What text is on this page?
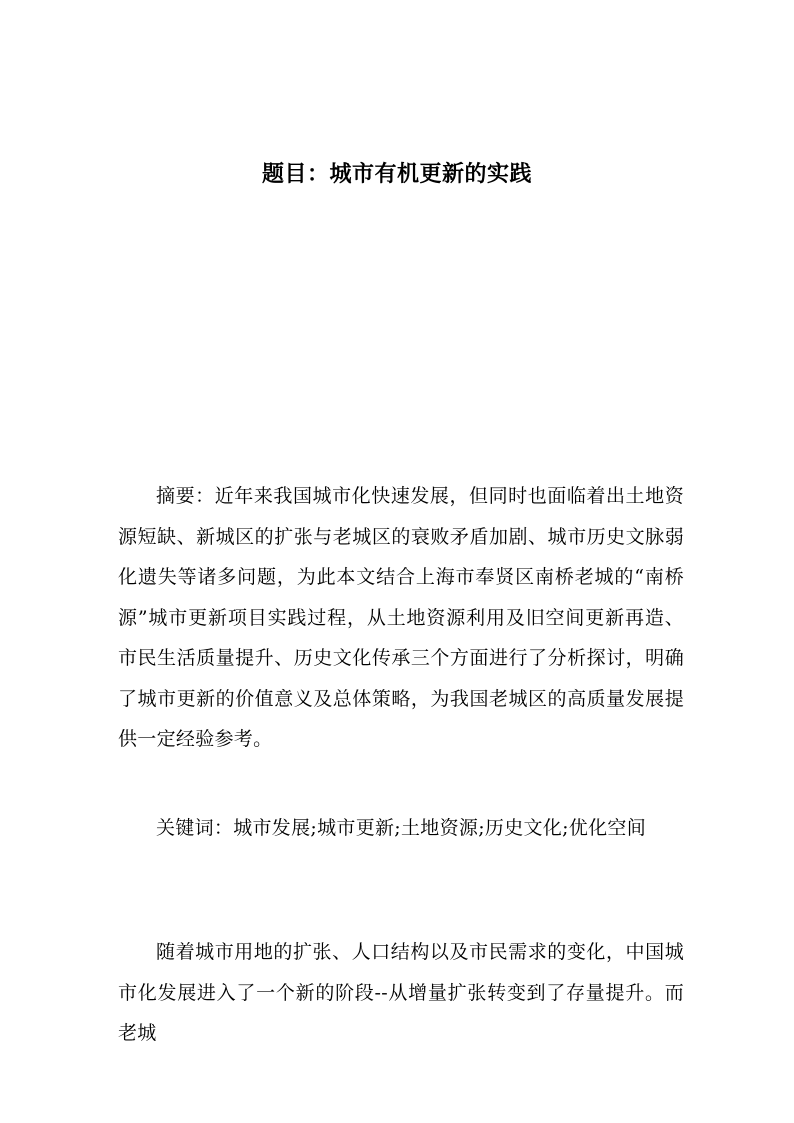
题目：城市有机更新的实践

摘要：近年来我国城市化快速发展，但同时也面临着出土地资源短缺、新城区的扩张与老城区的衰败矛盾加剧、城市历史文脉弱化遗失等诸多问题，为此本文结合上海市奉贤区南桥老城的“南桥源”城市更新项目实践过程，从土地资源利用及旧空间更新再造、市民生活质量提升、历史文化传承三个方面进行了分析探讨，明确了城市更新的价值意义及总体策略，为我国老城区的高质量发展提供一定经验参考。

关键词：城市发展;城市更新;土地资源;历史文化;优化空间

随着城市用地的扩张、人口结构以及市民需求的变化，中国城市化发展进入了一个新的阶段--从增量扩张转变到了存量提升。而老城
